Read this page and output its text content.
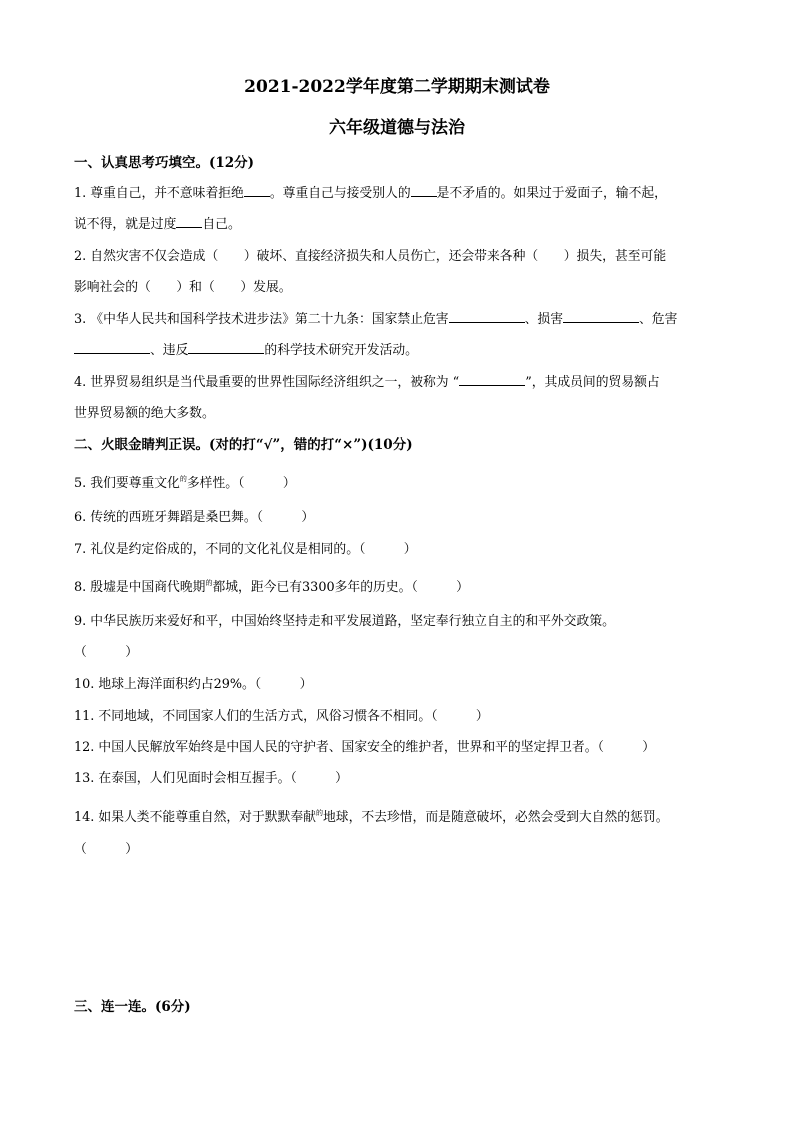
2021-2022学年度第二学期期末测试卷
六年级道德与法治
一、认真思考巧填空。(12分)
1. 尊重自己，并不意味着拒绝 。尊重自己与接受别人的 是不矛盾的。如果过于爱面子，输不起，
说不得，就是过度 自己。
2. 自然灾害不仅会造成（　　）破坏、直接经济损失和人员伤亡，还会带来各种（　　）损失，甚至可能
影响社会的（　　）和（　　）发展。
3. 《中华人民共和国科学技术进步法》第二十九条：国家禁止危害	、损害	、危害
、违反	的科学技术研究开发活动。
4. 世界贸易组织是当代最重要的世界性国际经济组织之一，被称为 “	”，其成员间的贸易额占
世界贸易额的绝大多数。
二、火眼金睛判正误。(对的打“√”，错的打“×”)(10分)
5. 我们要尊重文化$^的$多样性。（　　　）
6. 传统的西班牙舞蹈是桑巴舞。（　　　）
7. 礼仪是约定俗成的，不同的文化礼仪是相同的。（　　　）
8. 殷墟是中国商代晚期$^的$都城，距今已有3300多年的历史。（　　　）
9. 中华民族历来爱好和平，中国始终坚持走和平发展道路，坚定奉行独立自主的和平外交政策。
（　　　）
10. 地球上海洋面积约占29%。（　　　）
11. 不同地域，不同国家人们的生活方式，风俗习惯各不相同。（　　　）
12. 中国人民解放军始终是中国人民的守护者、国家安全的维护者，世界和平的坚定捍卫者。（　　　）
13. 在泰国，人们见面时会相互握手。（　　　）
14. 如果人类不能尊重自然，对于默默奉献$^的$地球，不去珍惜，而是随意破坏，必然会受到大自然的惩罚。
（　　　）
三、连一连。(6分)
